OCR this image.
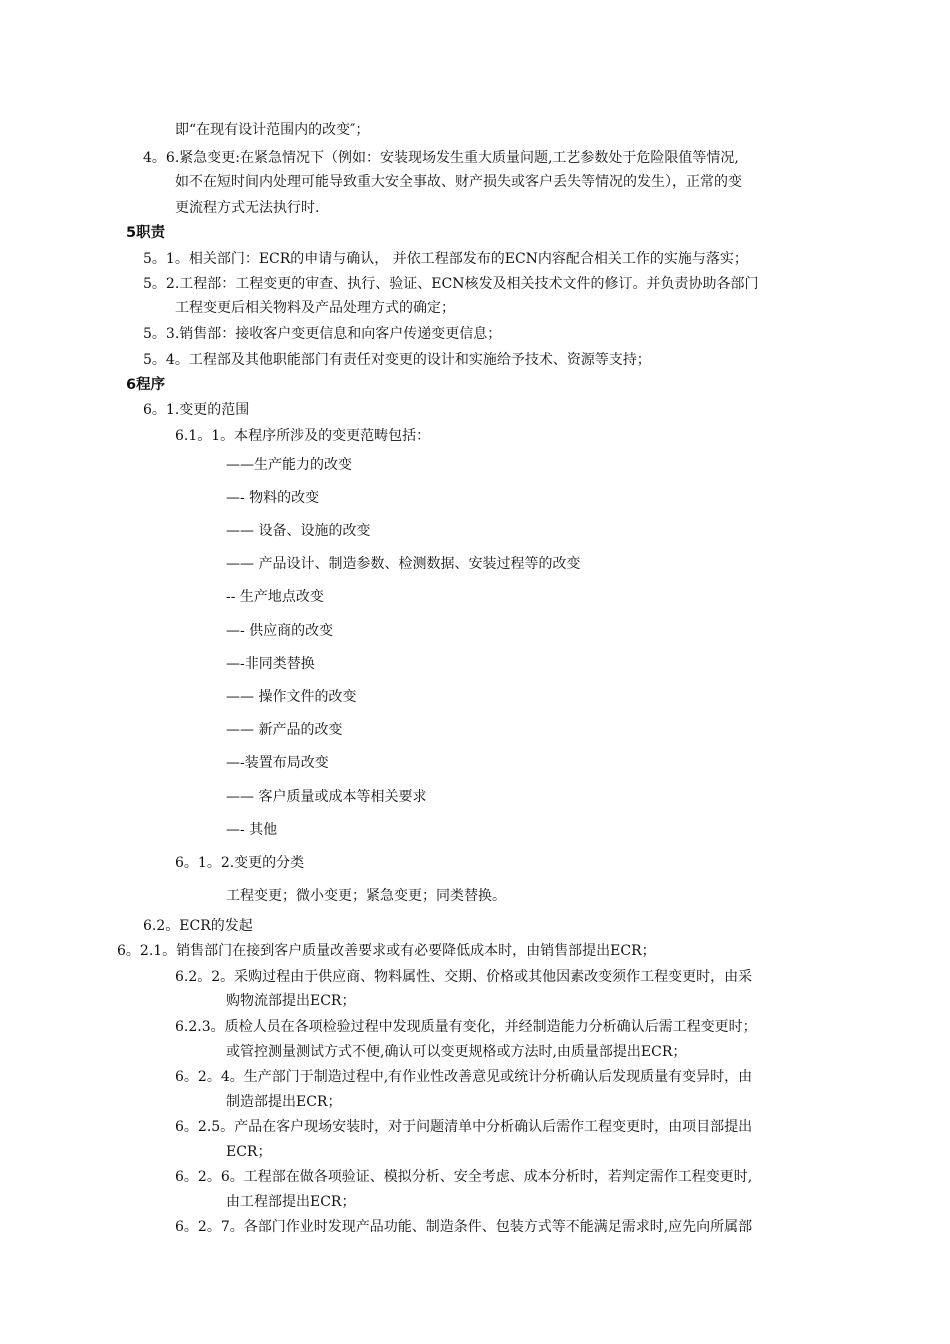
即“在现有设计范围内的改变″；
4。6.紧急变更:在紧急情况下（例如：安装现场发生重大质量问题,工艺参数处于危险限值等情况,
如不在短时间内处理可能导致重大安全事故、财产损失或客户丢失等情况的发生），正常的变
更流程方式无法执行时.
5职责
5。1。相关部门：ECR的申请与确认， 并依工程部发布的ECN内容配合相关工作的实施与落实；
5。2.工程部：工程变更的审查、执行、验证、ECN核发及相关技术文件的修订。并负责协助各部门
工程变更后相关物料及产品处理方式的确定；
5。3.销售部：接收客户变更信息和向客户传递变更信息；
5。4。工程部及其他职能部门有责任对变更的设计和实施给予技术、资源等支持；
6程序
6。1.变更的范围
6.1。1。本程序所涉及的变更范畴包括：
——生产能力的改变
—- 物料的改变
—— 设备、设施的改变
—— 产品设计、制造参数、检测数据、安装过程等的改变
-- 生产地点改变
—- 供应商的改变
—-非同类替换
—— 操作文件的改变
—— 新产品的改变
—-装置布局改变
—— 客户质量或成本等相关要求
—- 其他
6。1。2.变更的分类
工程变更；微小变更；紧急变更；同类替换。
6.2。ECR的发起
6。2.1。销售部门在接到客户质量改善要求或有必要降低成本时，由销售部提出ECR；
6.2。2。采购过程由于供应商、物料属性、交期、价格或其他因素改变须作工程变更时，由采
购物流部提出ECR；
6.2.3。质检人员在各项检验过程中发现质量有变化，并经制造能力分析确认后需工程变更时；
或管控测量测试方式不便,确认可以变更规格或方法时,由质量部提出ECR；
6。2。4。生产部门于制造过程中,有作业性改善意见或统计分析确认后发现质量有变异时，由
制造部提出ECR；
6。2.5。产品在客户现场安装时，对于问题清单中分析确认后需作工程变更时，由项目部提出
ECR；
6。2。6。工程部在做各项验证、模拟分析、安全考虑、成本分析时，若判定需作工程变更时,
由工程部提出ECR；
6。2。7。各部门作业时发现产品功能、制造条件、包装方式等不能满足需求时,应先向所属部
